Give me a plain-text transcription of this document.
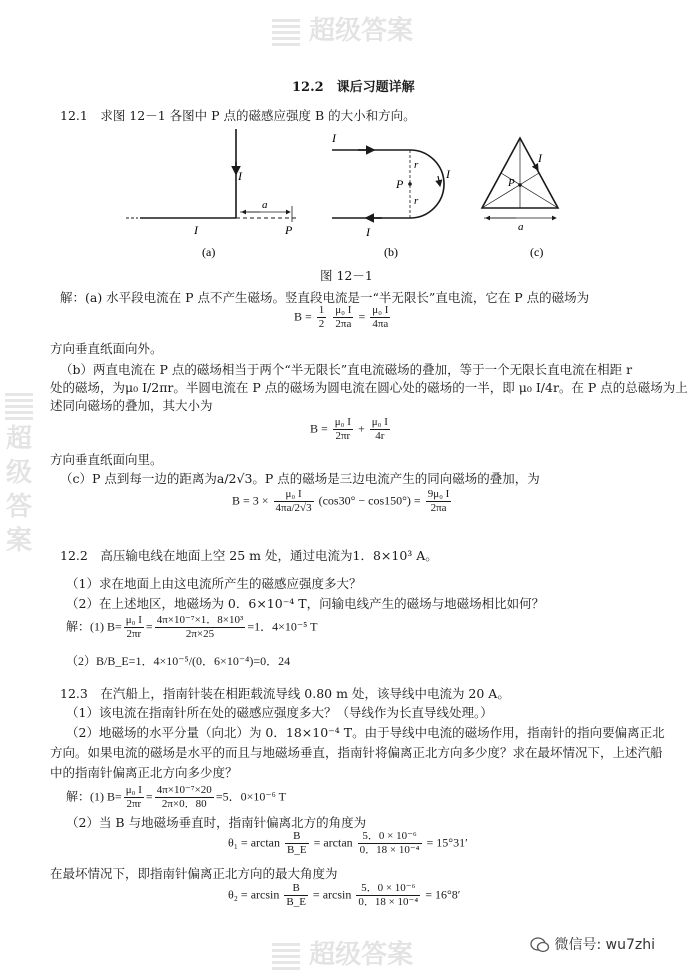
超级答案
超级答案
超级答案
12.2　课后习题详解
12.1　求图 12－1 各图中 P 点的磁感应强度 B 的大小和方向。
I
I
a
P
(a)
I
r
r
P
I
I
(b)
I
P
a
(c)
图 12－1
解：(a) 水平段电流在 P 点不产生磁场。竖直段电流是一“半无限长”直电流，它在 P 点的磁场为
$B = \frac{1}{2}$
$\frac{\text{μ₀ I}}{2\pi a} = \frac{\text{μ₀ I}}{4\pi a}$
方向垂直纸面向外。
（b）两直电流在 P 点的磁场相当于两个“半无限长”直电流磁场的叠加，等于一个无限长直电流在相距 r
处的磁场，为μ₀ I/2πr。半圆电流在 P 点的磁场为圆电流在圆心处的磁场的一半，即 μ₀ I/4r。在 P 点的总磁场为上
述同向磁场的叠加，其大小为
$B = \frac{\text{μ₀ I}}{2\pi r} + \frac{\text{μ₀ I}}{4r}$
方向垂直纸面向里。
（c）P 点到每一边的距离为a/2√3。P 点的磁场是三边电流产生的同向磁场的叠加，为
$B = 3 \times \frac{\text{μ₀ I}}{4\pi a/2√3} (\cos 30^\circ - \cos 150^\circ) = \frac{\text{9μ₀ I}}{2\pi a}$
12.2　高压输电线在地面上空 25 m 处，通过电流为1．8×10³ A。
（1）求在地面上由这电流所产生的磁感应强度多大？
（2）在上述地区，地磁场为 0．6×10⁻⁴ T，问输电线产生的磁场与地磁场相比如何？
解：(1) $B= \frac{\text{μ₀ I}}{2\pi r} = \frac{\text{4π×10⁻⁷×1．8×10³}}{2\pi\times 25} =1$．4×10⁻⁵ T
（2）B/B_E=1．4×10⁻⁵/(0．6×10⁻⁴)=0．24
12.3　在汽船上，指南针装在相距载流导线 0.80 m 处，该导线中电流为 20 A。
（1）该电流在指南针所在处的磁感应强度多大？（导线作为长直导线处理。）
（2）地磁场的水平分量（向北）为 0．18×10⁻⁴ T。由于导线中电流的磁场作用，指南针的指向要偏离正北
方向。如果电流的磁场是水平的而且与地磁场垂直，指南针将偏离正北方向多少度？求在最坏情况下，上述汽船
中的指南针偏离正北方向多少度？
解：(1) $B= \frac{\text{μ₀ I}}{2\pi r} = \frac{\text{4π×10⁻⁷×20}}{2\pi\times 0.80} =5$．0×10⁻⁶ T
（2）当 B 与地磁场垂直时，指南针偏离北方的角度为
$\theta_1 = \arctan \frac{B}{B\_E} = \arctan \frac{\text{5．0 × 10⁻⁶}}{\text{0．18 × 10⁻⁴}} = 15^\circ 31'$
在最坏情况下，即指南针偏离正北方向的最大角度为
$\theta_2 = \arcsin \frac{B}{B\_E} = \arcsin \frac{\text{5．0 × 10⁻⁶}}{\text{0．18 × 10⁻⁴}} = 16^\circ 8'$
微信号: wu7zhi
